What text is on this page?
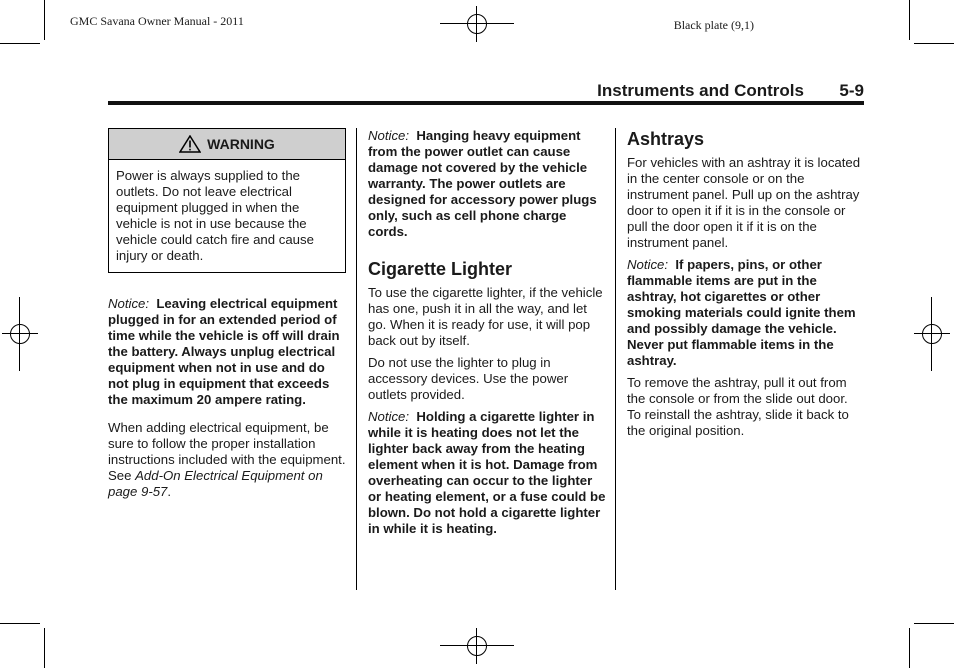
GMC Savana Owner Manual - 2011	Black plate (9,1)
Instruments and Controls 5-9
WARNING
Power is always supplied to the outlets. Do not leave electrical equipment plugged in when the vehicle is not in use because the vehicle could catch fire and cause injury or death.

Notice: Leaving electrical equipment plugged in for an extended period of time while the vehicle is off will drain the battery. Always unplug electrical equipment when not in use and do not plug in equipment that exceeds the maximum 20 ampere rating.

When adding electrical equipment, be sure to follow the proper installation instructions included with the equipment. See Add-On Electrical Equipment on page 9-57.

Notice: Hanging heavy equipment from the power outlet can cause damage not covered by the vehicle warranty. The power outlets are designed for accessory power plugs only, such as cell phone charge cords.

Cigarette Lighter

To use the cigarette lighter, if the vehicle has one, push it in all the way, and let go. When it is ready for use, it will pop back out by itself.

Do not use the lighter to plug in accessory devices. Use the power outlets provided.

Notice: Holding a cigarette lighter in while it is heating does not let the lighter back away from the heating element when it is hot. Damage from overheating can occur to the lighter or heating element, or a fuse could be blown. Do not hold a cigarette lighter in while it is heating.

Ashtrays

For vehicles with an ashtray it is located in the center console or on the instrument panel. Pull up on the ashtray door to open it if it is in the console or pull the door open it if it is on the instrument panel.

Notice: If papers, pins, or other flammable items are put in the ashtray, hot cigarettes or other smoking materials could ignite them and possibly damage the vehicle. Never put flammable items in the ashtray.

To remove the ashtray, pull it out from the console or from the slide out door. To reinstall the ashtray, slide it back to the original position.
